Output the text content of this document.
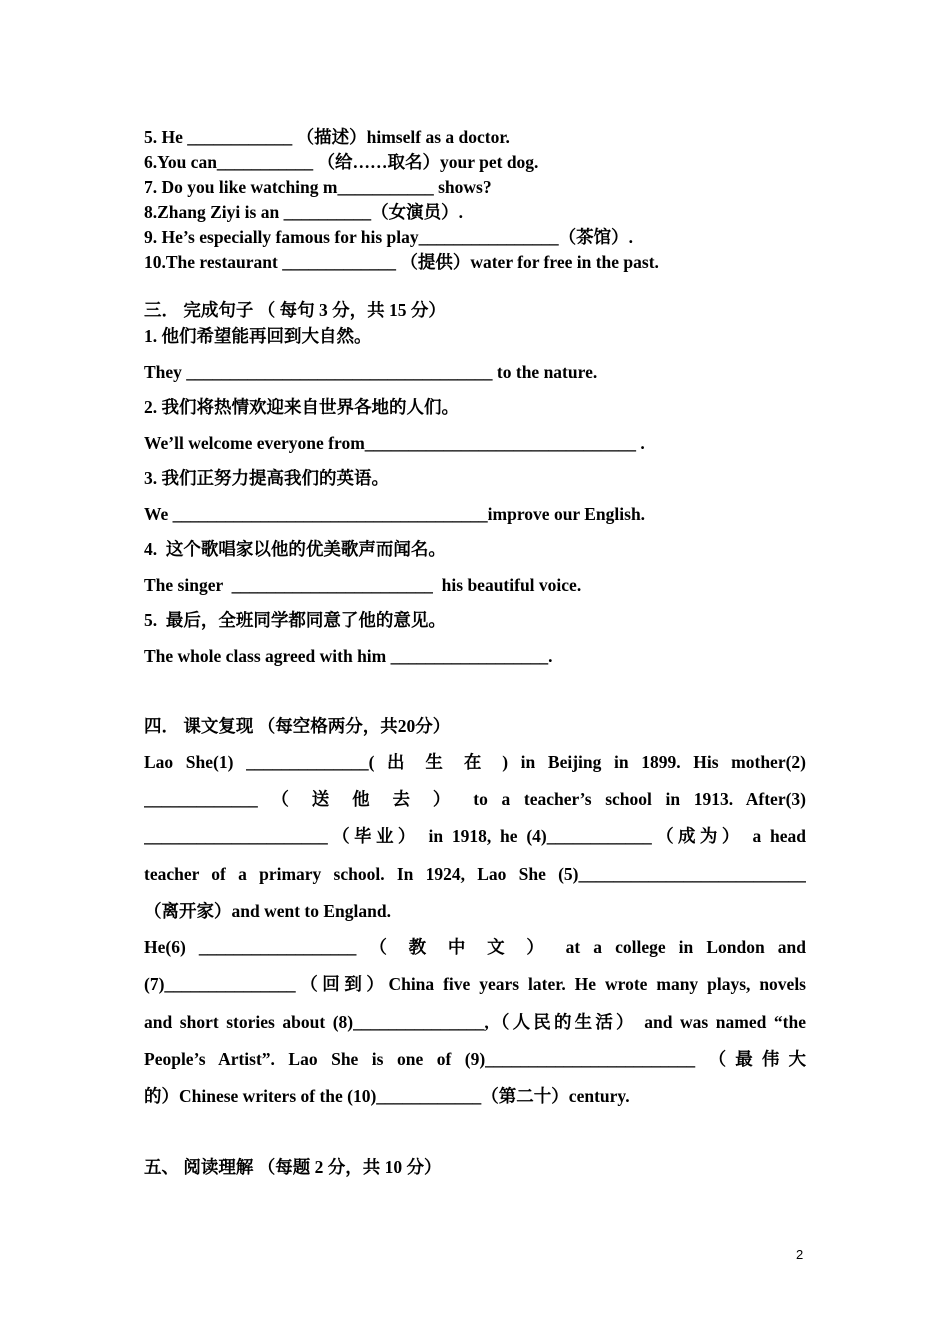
5. He ____________ （描述）himself as a doctor.
6.You can___________ （给……取名）your pet dog.
7. Do you like watching m___________ shows?
8.Zhang Ziyi is an __________（女演员）.
9. He’s especially famous for his play________________（茶馆）.
10.The restaurant _____________ （提供）water for free in the past.
三． 完成句子 （ 每句 3 分，共 15 分）
1. 他们希望能再回到大自然。
They ___________________________________ to the nature.
2. 我们将热情欢迎来自世界各地的人们。
We’ll welcome everyone from_______________________________ .
3. 我们正努力提高我们的英语。
We ____________________________________improve our English.
4.  这个歌唱家以他的优美歌声而闻名。
The singer  _______________________  his beautiful voice.
5.  最后，全班同学都同意了他的意见。
The whole class agreed with him __________________.
四． 课文复现 （每空格两分，共20分）
Lao She(1) ______________( 出 生 在 ) in Beijing in 1899. His mother(2)
_____________ （ 送 他 去 ） to a teacher’s school in 1913. After(3)
_____________________（毕业） in 1918, he (4)____________（成为） a head
teacher of a primary school. In 1924, Lao She (5)__________________________
（离开家）and went to England.
He(6) __________________ （ 教 中 文 ） at a college in London and
(7)_______________（回到）China five years later. He wrote many plays, novels
and short stories about (8)_______________,（人民的生活） and was named “the
People’s Artist”. Lao She is one of (9)________________________ （最伟大
的）Chinese writers of the (10)____________（第二十）century.
五、 阅读理解 （每题 2 分，共 10 分）
2
